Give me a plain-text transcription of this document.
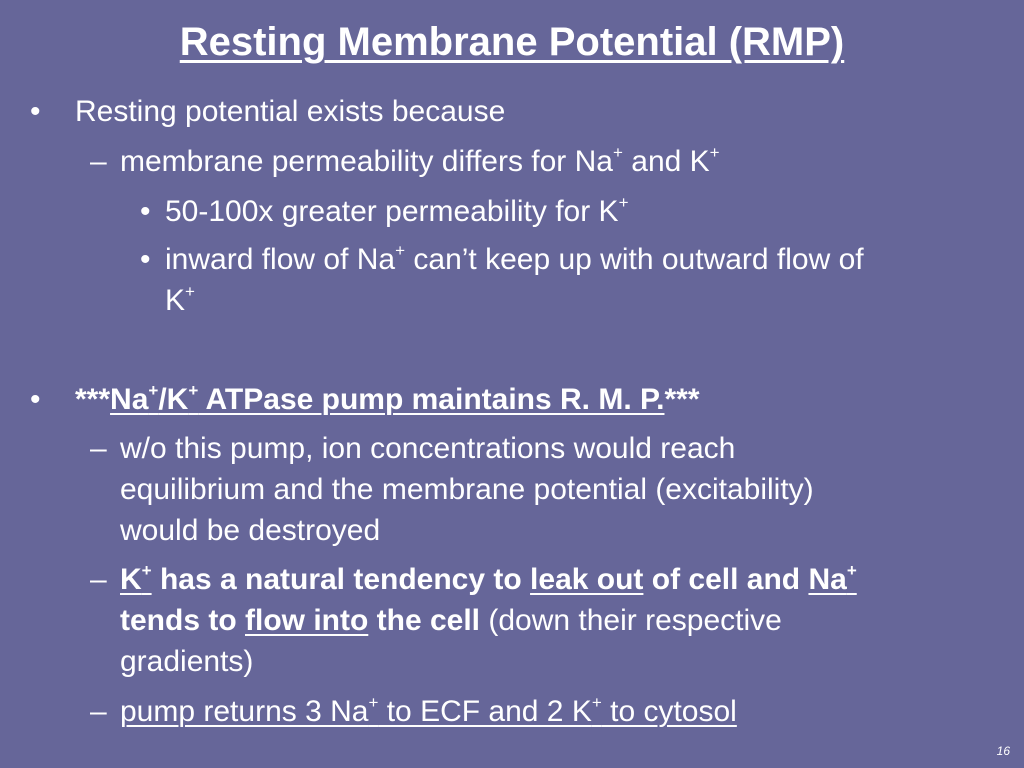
Resting Membrane Potential (RMP)
• Resting potential exists because
– membrane permeability differs for Na+ and K+
• 50-100x greater permeability for K+
• inward flow of Na+ can’t keep up with outward flow of
K+
• ***Na+/K+ ATPase pump maintains R. M. P.***
– w/o this pump, ion concentrations would reach
equilibrium and the membrane potential (excitability)
would be destroyed
– K+ has a natural tendency to leak out of cell and Na+
tends to flow into the cell (down their respective
gradients)
– pump returns 3 Na+ to ECF and 2 K+ to cytosol
16
